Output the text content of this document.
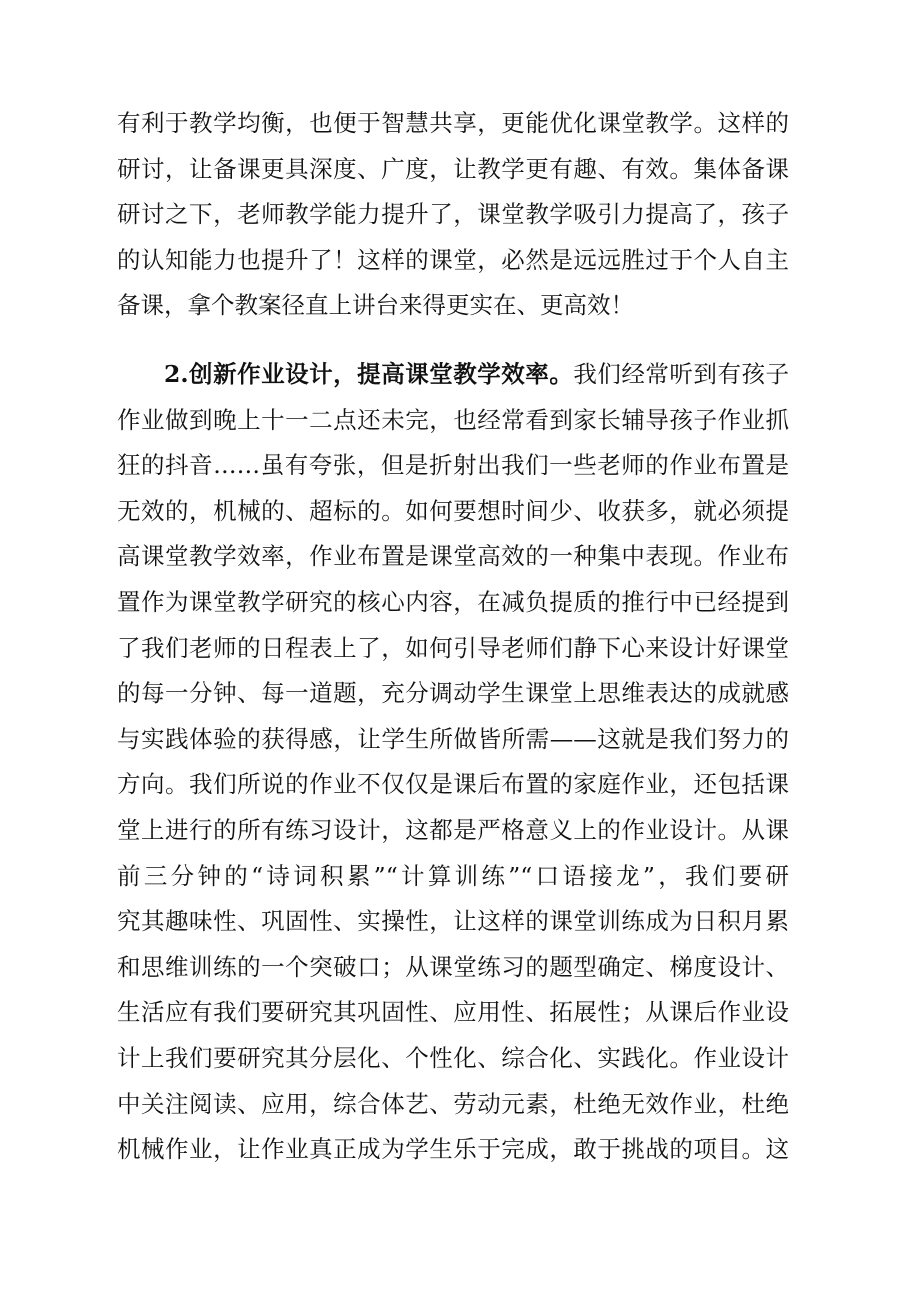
有利于教学均衡，也便于智慧共享，更能优化课堂教学。这样的
研讨，让备课更具深度、广度，让教学更有趣、有效。集体备课
研讨之下，老师教学能力提升了，课堂教学吸引力提高了，孩子
的认知能力也提升了！这样的课堂，必然是远远胜过于个人自主
备课，拿个教案径直上讲台来得更实在、更高效！
2.创新作业设计，提高课堂教学效率。我们经常听到有孩子
作业做到晚上十一二点还未完，也经常看到家长辅导孩子作业抓
狂的抖音……虽有夸张，但是折射出我们一些老师的作业布置是
无效的，机械的、超标的。如何要想时间少、收获多，就必须提
高课堂教学效率，作业布置是课堂高效的一种集中表现。作业布
置作为课堂教学研究的核心内容，在减负提质的推行中已经提到
了我们老师的日程表上了，如何引导老师们静下心来设计好课堂
的每一分钟、每一道题，充分调动学生课堂上思维表达的成就感
与实践体验的获得感，让学生所做皆所需——这就是我们努力的
方向。我们所说的作业不仅仅是课后布置的家庭作业，还包括课
堂上进行的所有练习设计，这都是严格意义上的作业设计。从课
前三分钟的“诗词积累”“计算训练”“口语接龙”，我们要研
究其趣味性、巩固性、实操性，让这样的课堂训练成为日积月累
和思维训练的一个突破口；从课堂练习的题型确定、梯度设计、
生活应有我们要研究其巩固性、应用性、拓展性；从课后作业设
计上我们要研究其分层化、个性化、综合化、实践化。作业设计
中关注阅读、应用，综合体艺、劳动元素，杜绝无效作业，杜绝
机械作业，让作业真正成为学生乐于完成，敢于挑战的项目。这
